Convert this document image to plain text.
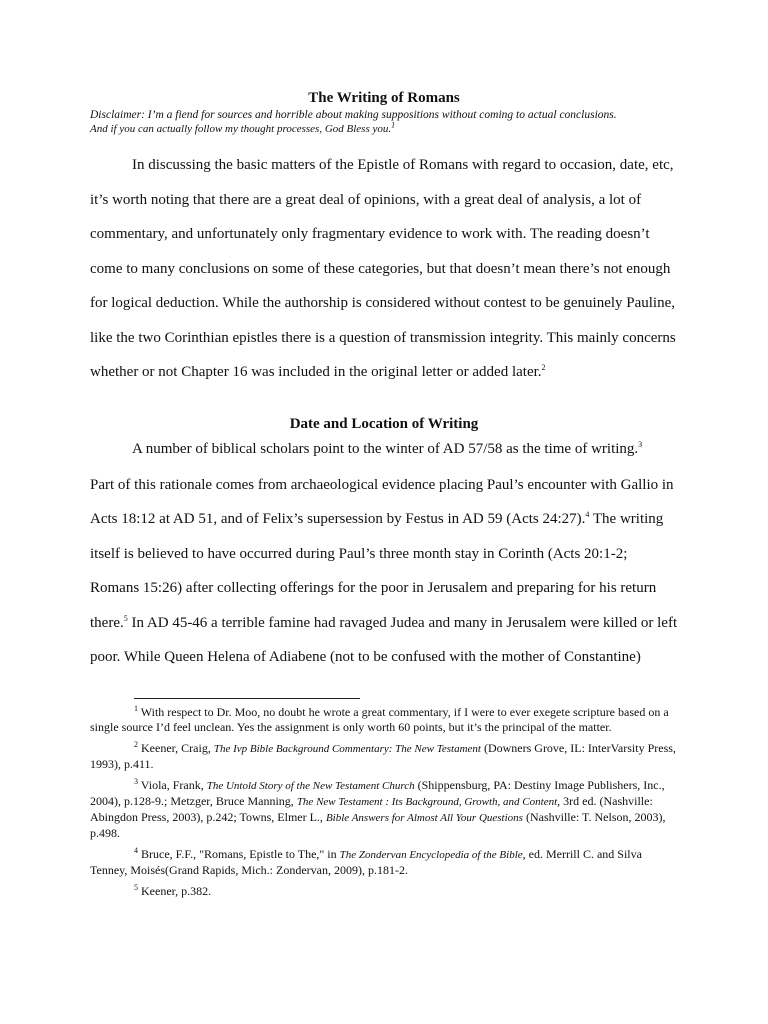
The Writing of Romans

Disclaimer: I’m a fiend for sources and horrible about making suppositions without coming to actual conclusions.

And if you can actually follow my thought processes, God Bless you.$^1$

In discussing the basic matters of the Epistle of Romans with regard to occasion, date, etc, it’s worth noting that there are a great deal of opinions, with a great deal of analysis, a lot of commentary, and unfortunately only fragmentary evidence to work with. The reading doesn’t come to many conclusions on some of these categories, but that doesn’t mean there’s not enough for logical deduction. While the authorship is considered without contest to be genuinely Pauline, like the two Corinthian epistles there is a question of transmission integrity. This mainly concerns whether or not Chapter 16 was included in the original letter or added later.$^2$

Date and Location of Writing

A number of biblical scholars point to the winter of AD 57/58 as the time of writing.$^3$

Part of this rationale comes from archaeological evidence placing Paul’s encounter with Gallio in Acts 18:12 at AD 51, and of Felix’s supersession by Festus in AD 59 (Acts 24:27).$^4$ The writing itself is believed to have occurred during Paul’s three month stay in Corinth (Acts 20:1-2; Romans 15:26) after collecting offerings for the poor in Jerusalem and preparing for his return there.$^5$ In AD 45-46 a terrible famine had ravaged Judea and many in Jerusalem were killed or left poor. While Queen Helena of Adiabene (not to be confused with the mother of Constantine)

$^1$ With respect to Dr. Moo, no doubt he wrote a great commentary, if I were to ever exegete scripture based on a single source I’d feel unclean. Yes the assignment is only worth 60 points, but it’s the principal of the matter.

$^2$ Keener, Craig, The Ivp Bible Background Commentary: The New Testament (Downers Grove, IL: InterVarsity Press, 1993), p.411.

$^3$ Viola, Frank, The Untold Story of the New Testament Church (Shippensburg, PA: Destiny Image Publishers, Inc., 2004), p.128-9.; Metzger, Bruce Manning, The New Testament : Its Background, Growth, and Content, 3rd ed. (Nashville: Abingdon Press, 2003), p.242; Towns, Elmer L., Bible Answers for Almost All Your Questions (Nashville: T. Nelson, 2003), p.498.

$^4$ Bruce, F.F., "Romans, Epistle to The," in The Zondervan Encyclopedia of the Bible, ed. Merrill C. and Silva Tenney, Moisés(Grand Rapids, Mich.: Zondervan, 2009), p.181-2.

$^5$ Keener, p.382.
